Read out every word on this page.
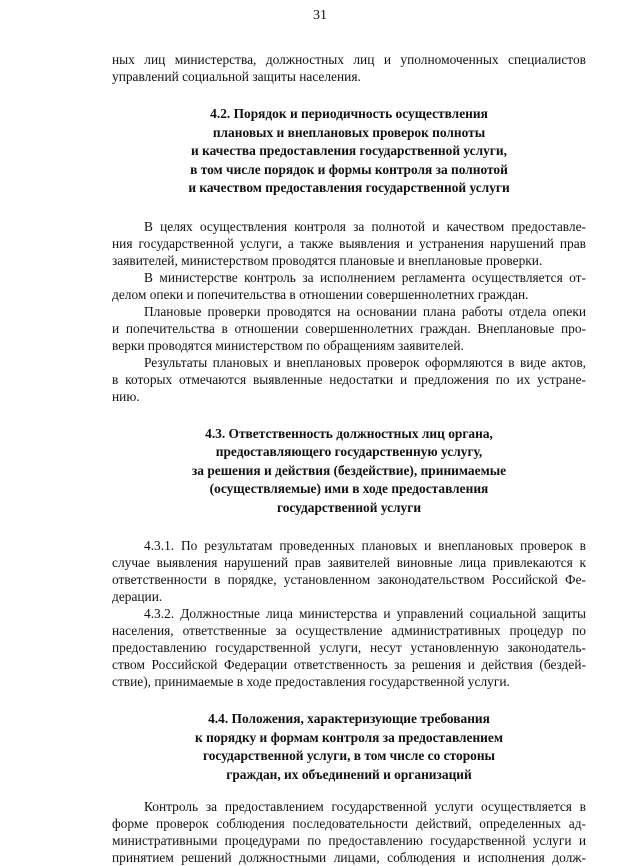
31
ных лиц министерства, должностных лиц и уполномоченных специалистов
управлений социальной защиты населения.
4.2. Порядок и периодичность осуществления
плановых и внеплановых проверок полноты
и качества предоставления государственной услуги,
в том числе порядок и формы контроля за полнотой
и качеством предоставления государственной услуги
В целях осуществления контроля за полнотой и качеством предоставле-
ния государственной услуги, а также выявления и устранения нарушений прав
заявителей, министерством проводятся плановые и внеплановые проверки.
В министерстве контроль за исполнением регламента осуществляется от-
делом опеки и попечительства в отношении совершеннолетних граждан.
Плановые проверки проводятся на основании плана работы отдела опеки
и попечительства в отношении совершеннолетних граждан. Внеплановые про-
верки проводятся министерством по обращениям заявителей.
Результаты плановых и внеплановых проверок оформляются в виде актов,
в которых отмечаются выявленные недостатки и предложения по их устране-
нию.
4.3. Ответственность должностных лиц органа,
предоставляющего государственную услугу,
за решения и действия (бездействие), принимаемые
(осуществляемые) ими в ходе предоставления
государственной услуги
4.3.1. По результатам проведенных плановых и внеплановых проверок в
случае выявления нарушений прав заявителей виновные лица привлекаются к
ответственности в порядке, установленном законодательством Российской Фе-
дерации.
4.3.2. Должностные лица министерства и управлений социальной защиты
населения, ответственные за осуществление административных процедур по
предоставлению государственной услуги, несут установленную законодатель-
ством Российской Федерации ответственность за решения и действия (бездей-
ствие), принимаемые в ходе предоставления государственной услуги.
4.4. Положения, характеризующие требования
к порядку и формам контроля за предоставлением
государственной услуги, в том числе со стороны
граждан, их объединений и организаций
Контроль за предоставлением государственной услуги осуществляется в
форме проверок соблюдения последовательности действий, определенных ад-
министративными процедурами по предоставлению государственной услуги и
принятием решений должностными лицами, соблюдения и исполнения долж-
